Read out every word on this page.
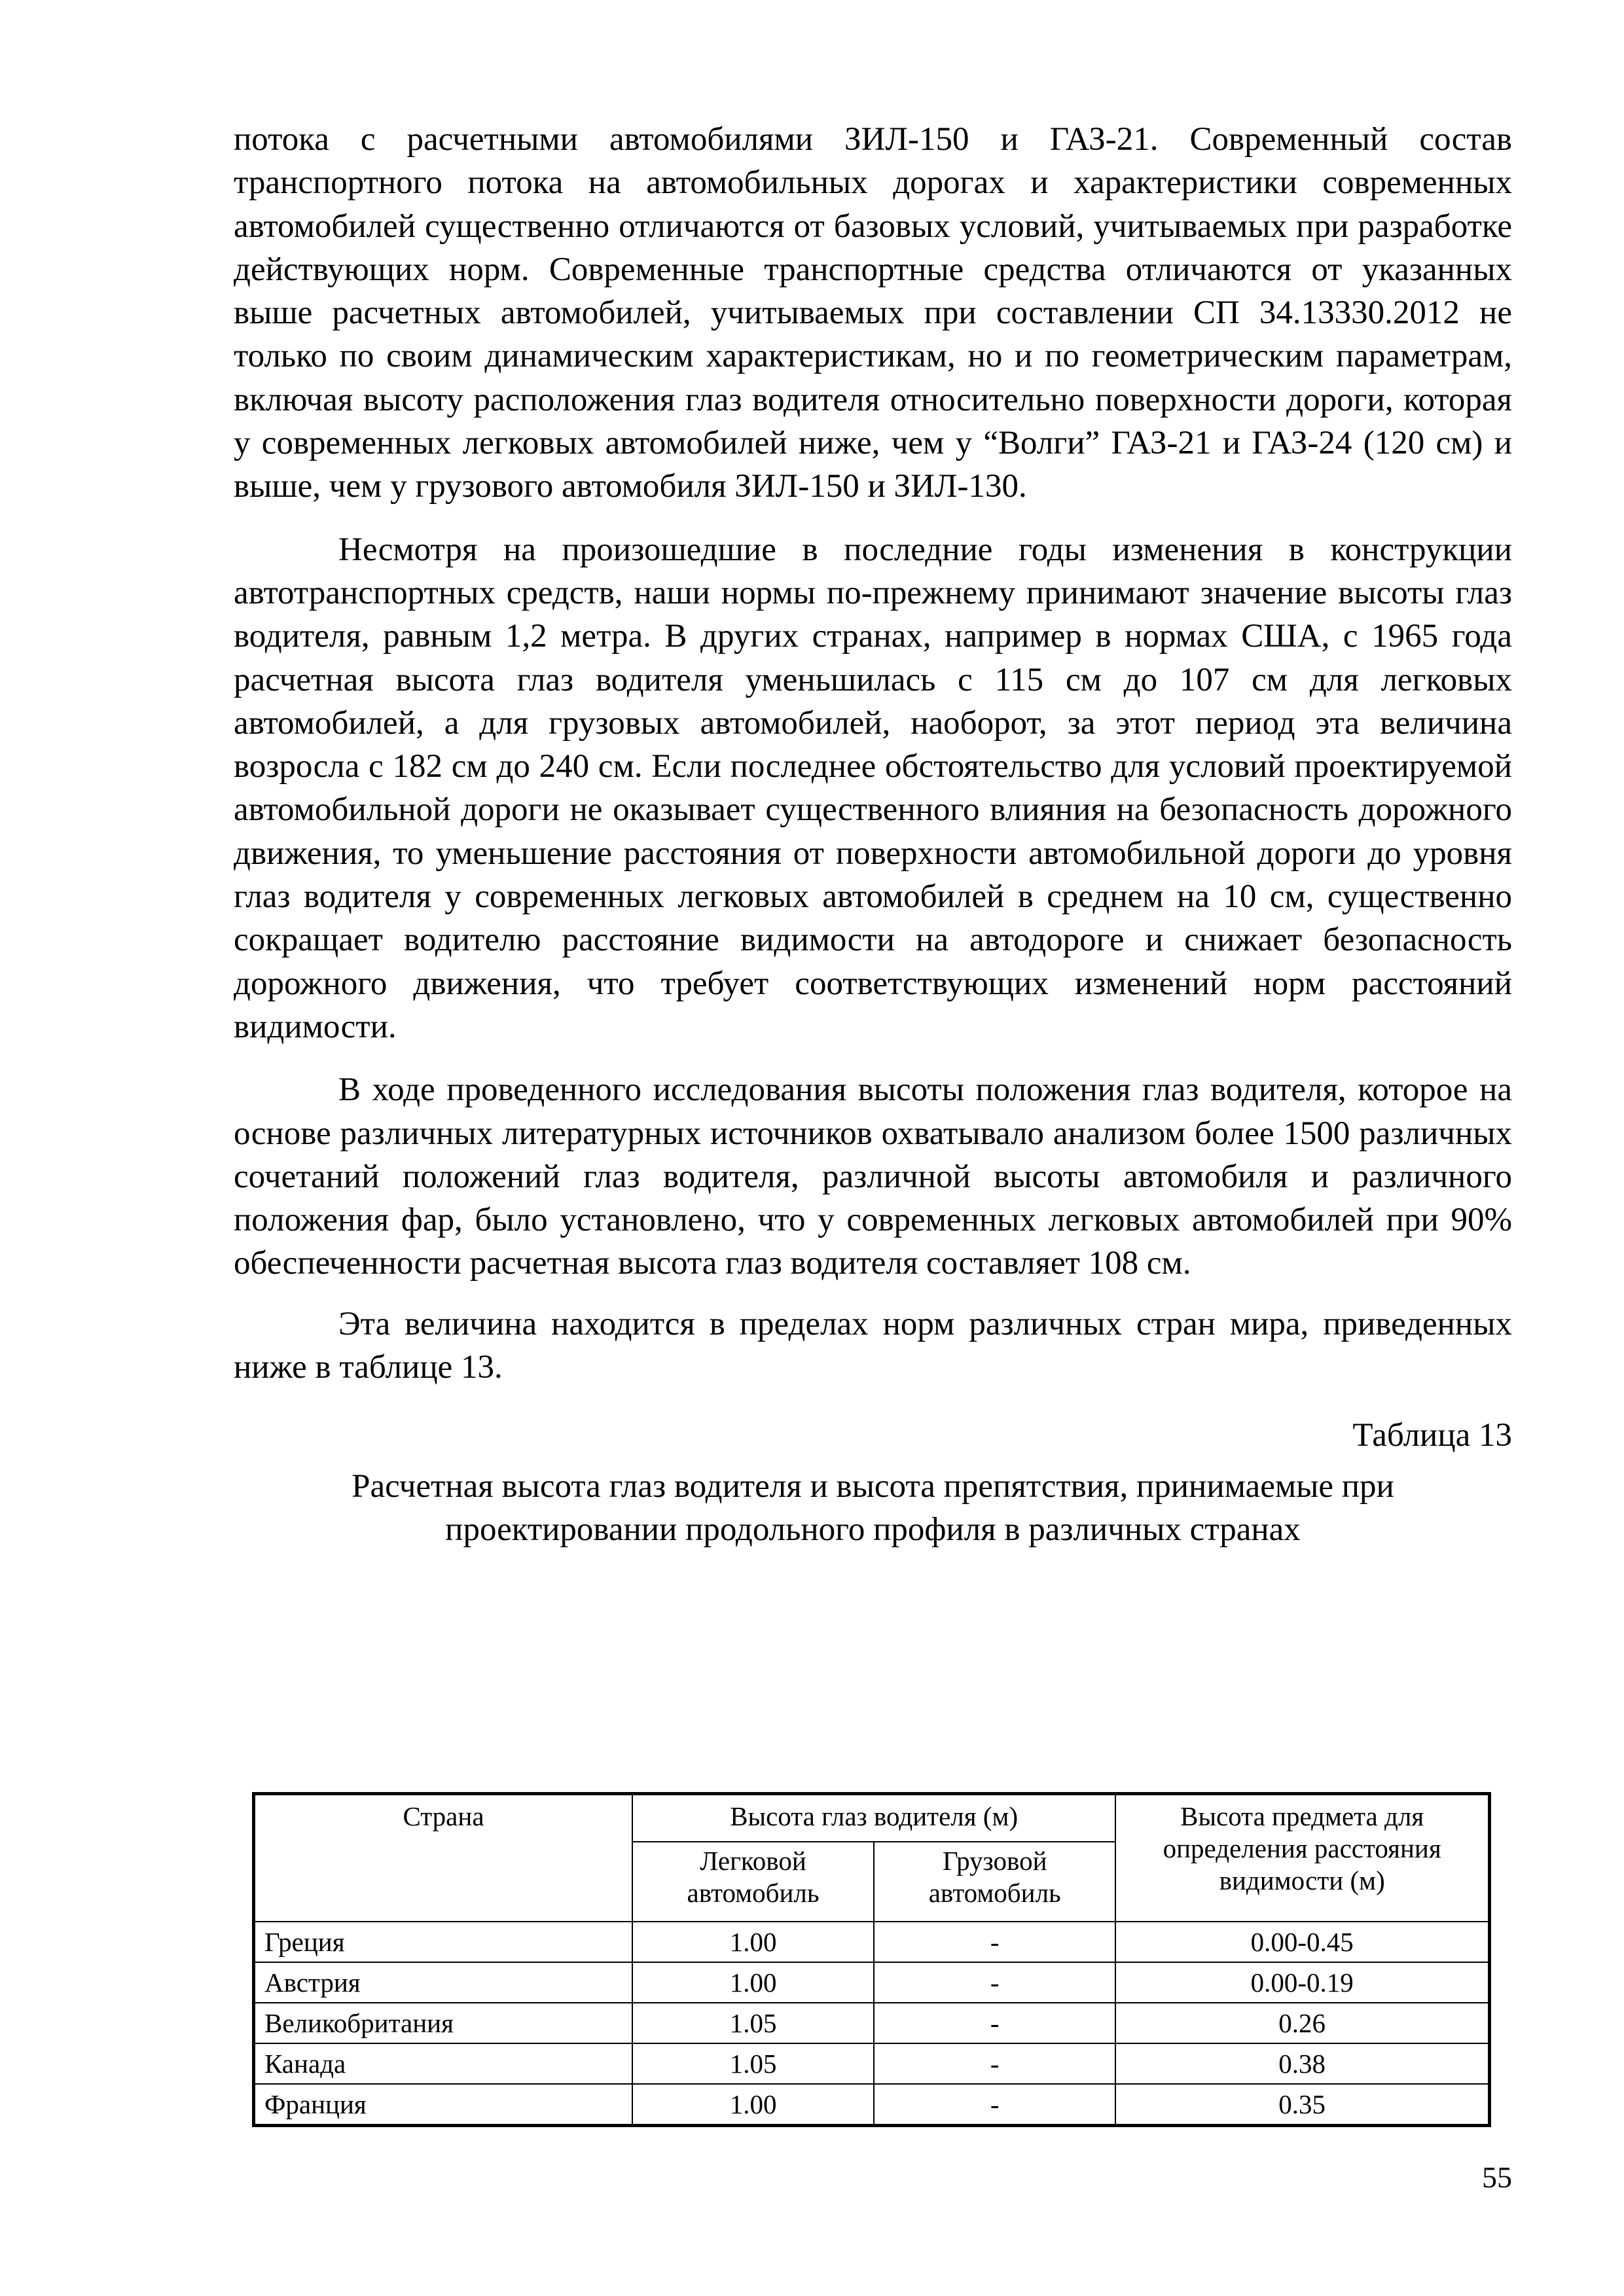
потока с расчетными автомобилями ЗИЛ-150 и ГАЗ-21. Современный состав транспортного потока на автомобильных дорогах и характеристики современных автомобилей существенно отличаются от базовых условий, учитываемых при разработке действующих норм. Современные транспортные средства отличаются от указанных выше расчетных автомобилей, учитываемых при составлении СП 34.13330.2012 не только по своим динамическим характеристикам, но и по геометрическим параметрам, включая высоту расположения глаз водителя относительно поверхности дороги, которая у современных легковых автомобилей ниже, чем у “Волги” ГАЗ-21 и ГАЗ-24 (120 см) и выше, чем у грузового автомобиля ЗИЛ-150 и ЗИЛ-130.

Несмотря на произошедшие в последние годы изменения в конструкции автотранспортных средств, наши нормы по-прежнему принимают значение высоты глаз водителя, равным 1,2 метра. В других странах, например в нормах США, с 1965 года расчетная высота глаз водителя уменьшилась с 115 см до 107 см для легковых автомобилей, а для грузовых автомобилей, наоборот, за этот период эта величина возросла с 182 см до 240 см. Если последнее обстоятельство для условий проектируемой автомобильной дороги не оказывает существенного влияния на безопасность дорожного движения, то уменьшение расстояния от поверхности автомобильной дороги до уровня глаз водителя у современных легковых автомобилей в среднем на 10 см, существенно сокращает водителю расстояние видимости на автодороге и снижает безопасность дорожного движения, что требует соответствующих изменений норм расстояний видимости.

В ходе проведенного исследования высоты положения глаз водителя, которое на основе различных литературных источников охватывало анализом более 1500 различных сочетаний положений глаз водителя, различной высоты автомобиля и различного положения фар, было установлено, что у современных легковых автомобилей при 90% обеспеченности расчетная высота глаз водителя составляет 108 см.

Эта величина находится в пределах норм различных стран мира, приведенных ниже в таблице 13.

Таблица 13
Расчетная высота глаз водителя и высота препятствия, принимаемые при
проектировании продольного профиля в различных странах
Страна	Высота глаз водителя (м)		Высота предмета для определения расстояния видимости (м)
	Легковой автомобиль	Грузовой автомобиль	
Греция	1.00	-	0.00-0.45
Австрия	1.00	-	0.00-0.19
Великобритания	1.05	-	0.26
Канада	1.05	-	0.38
Франция	1.00	-	0.35
55
